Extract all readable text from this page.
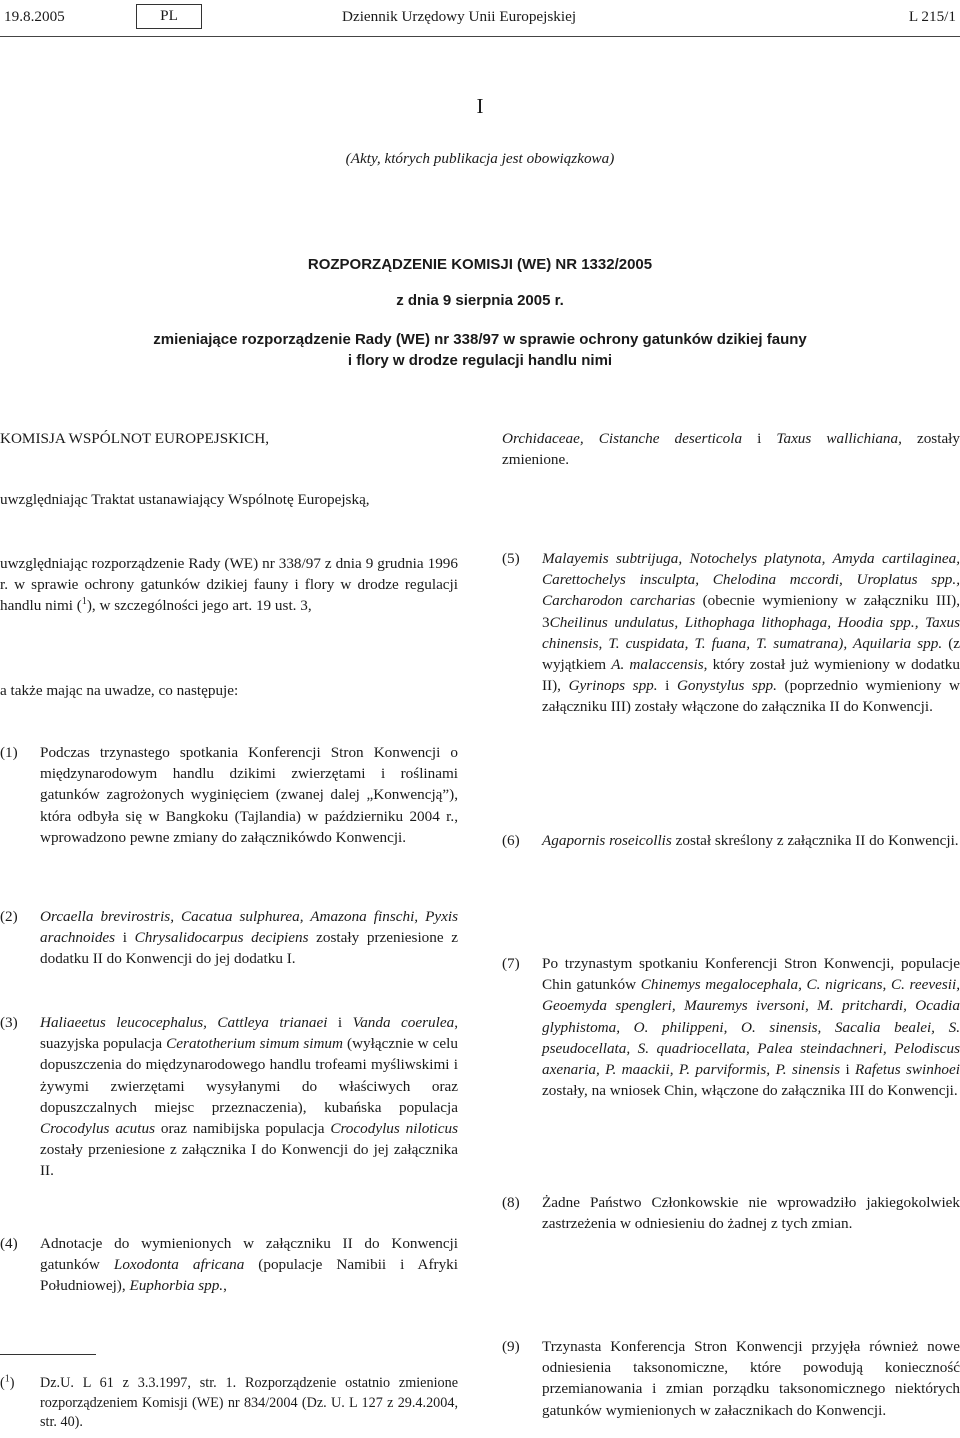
19.8.2005	PL	Dziennik Urzędowy Unii Europejskiej	L 215/1
I
(Akty, których publikacja jest obowiązkowa)
ROZPORZĄDZENIE KOMISJI (WE) NR 1332/2005
z dnia 9 sierpnia 2005 r.
zmieniające rozporządzenie Rady (WE) nr 338/97 w sprawie ochrony gatunków dzikiej fauny
i flory w drodze regulacji handlu nimi
KOMISJA WSPÓLNOT EUROPEJSKICH,
uwzględniając Traktat ustanawiający Wspólnotę Europejską,
uwzględniając rozporządzenie Rady (WE) nr 338/97 z dnia 9 grudnia 1996 r. w sprawie ochrony gatunków dzikiej fauny i flory w drodze regulacji handlu nimi ($^1$), w szczególności jego art. 19 ust. 3,
a także mając na uwadze, co następuje:
(1) Podczas trzynastego spotkania Konferencji Stron Konwencji o międzynarodowym handlu dzikimi zwierzętami i roślinami gatunków zagrożonych wyginięciem (zwanej dalej „Konwencją”), która odbyła się w Bangkoku (Tajlandia) w październiku 2004 r., wprowadzono pewne zmiany do załącznikówdo Konwencji.
(2) Orcaella brevirostris, Cacatua sulphurea, Amazona finschi, Pyxis arachnoides i Chrysalidocarpus decipiens zostały przeniesione z dodatku II do Konwencji do jej dodatku I.
(3) Haliaeetus leucocephalus, Cattleya trianaei i Vanda coerulea, suazyjska populacja Ceratotherium simum simum (wyłącznie w celu dopuszczenia do międzynarodowego handlu trofeami myśliwskimi i żywymi zwierzętami wysyłanymi do właściwych oraz dopuszczalnych miejsc przeznaczenia), kubańska populacja Crocodylus acutus oraz namibijska populacja Crocodylus niloticus zostały przeniesione z załącznika I do Konwencji do jej załącznika II.
(4) Adnotacje do wymienionych w załączniku II do Konwencji gatunków Loxodonta africana (populacje Namibii i Afryki Południowej), Euphorbia spp.,
($^1$) Dz.U. L 61 z 3.3.1997, str. 1. Rozporządzenie ostatnio zmienione rozporządzeniem Komisji (WE) nr 834/2004 (Dz. U. L 127 z 29.4.2004, str. 40).
Orchidaceae, Cistanche deserticola i Taxus wallichiana, zostały zmienione.
(5) Malayemis subtrijuga, Notochelys platynota, Amyda cartilaginea, Carettochelys insculpta, Chelodina mccordi, Uroplatus spp., Carcharodon carcharias (obecnie wymieniony w załączniku III), 3Cheilinus undulatus, Lithophaga lithophaga, Hoodia spp., Taxus chinensis, T. cuspidata, T. fuana, T. sumatrana), Aquilaria spp. (z wyjątkiem A. malaccensis, który został już wymieniony w dodatku II), Gyrinops spp. i Gonystylus spp. (poprzednio wymieniony w załączniku III) zostały włączone do załącznika II do Konwencji.
(6) Agapornis roseicollis został skreślony z załącznika II do Konwencji.
(7) Po trzynastym spotkaniu Konferencji Stron Konwencji, populacje Chin gatunków Chinemys megalocephala, C. nigricans, C. reevesii, Geoemyda spengleri, Mauremys iversoni, M. pritchardi, Ocadia glyphistoma, O. philippeni, O. sinensis, Sacalia bealei, S. pseudocellata, S. quadriocellata, Palea steindachneri, Pelodiscus axenaria, P. maackii, P. parviformis, P. sinensis i Rafetus swinhoei zostały, na wniosek Chin, włączone do załącznika III do Konwencji.
(8) Żadne Państwo Członkowskie nie wprowadziło jakiegokolwiek zastrzeżenia w odniesieniu do żadnej z tych zmian.
(9) Trzynasta Konferencja Stron Konwencji przyjęła również nowe odniesienia taksonomiczne, które powodują konieczność przemianowania i zmian porządku taksonomicznego niektórych gatunków wymienionych w załacznikach do Konwencji.
